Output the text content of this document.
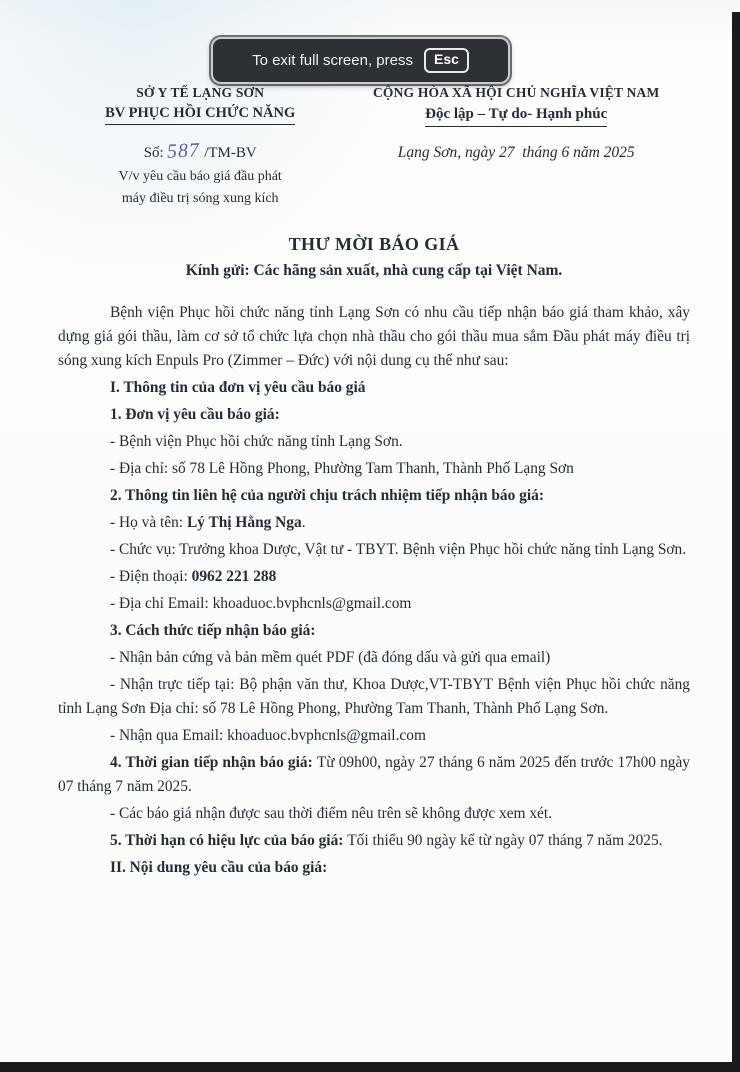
SỞ Y TẾ LẠNG SƠN
BV PHỤC HỒI CHỨC NĂNG
CỘNG HÒA XÃ HỘI CHỦ NGHĨA VIỆT NAM
Độc lập – Tự do- Hạnh phúc
Số: 587 /TM-BV	Lạng Sơn, ngày 27  tháng 6 năm 2025
V/v yêu cầu báo giá đầu phát
máy điều trị sóng xung kích
THƯ MỜI BÁO GIÁ
Kính gửi: Các hãng sản xuất, nhà cung cấp tại Việt Nam.

Bệnh viện Phục hồi chức năng tỉnh Lạng Sơn có nhu cầu tiếp nhận báo giá tham khảo, xây dựng giá gói thầu, làm cơ sở tổ chức lựa chọn nhà thầu cho gói thầu mua sắm Đầu phát máy điều trị sóng xung kích Enpuls Pro (Zimmer – Đức) với nội dung cụ thể như sau:

I. Thông tin của đơn vị yêu cầu báo giá

1. Đơn vị yêu cầu báo giá:

- Bệnh viện Phục hồi chức năng tỉnh Lạng Sơn.

- Địa chỉ: số 78 Lê Hồng Phong, Phường Tam Thanh, Thành Phố Lạng Sơn

2. Thông tin liên hệ của người chịu trách nhiệm tiếp nhận báo giá:

- Họ và tên: Lý Thị Hằng Nga.

- Chức vụ: Trưởng khoa Dược, Vật tư - TBYT. Bệnh viện Phục hồi chức năng tỉnh Lạng Sơn.

- Điện thoại: 0962 221 288

- Địa chỉ Email: khoaduoc.bvphcnls@gmail.com

3. Cách thức tiếp nhận báo giá:

- Nhận bản cứng và bản mềm quét PDF (đã đóng dấu và gửi qua email)

- Nhận trực tiếp tại: Bộ phận văn thư, Khoa Dược,VT-TBYT Bệnh viện Phục hồi chức năng tỉnh Lạng Sơn Địa chỉ: số 78 Lê Hồng Phong, Phường Tam Thanh, Thành Phố Lạng Sơn.

- Nhận qua Email: khoaduoc.bvphcnls@gmail.com

4. Thời gian tiếp nhận báo giá: Từ 09h00, ngày 27 tháng 6 năm 2025 đến trước 17h00 ngày 07 tháng 7 năm 2025.

- Các báo giá nhận được sau thời điểm nêu trên sẽ không được xem xét.

5. Thời hạn có hiệu lực của báo giá: Tối thiểu 90 ngày kể từ ngày 07 tháng 7 năm 2025.

II. Nội dung yêu cầu của báo giá:

To exit full screen, press	Esc
